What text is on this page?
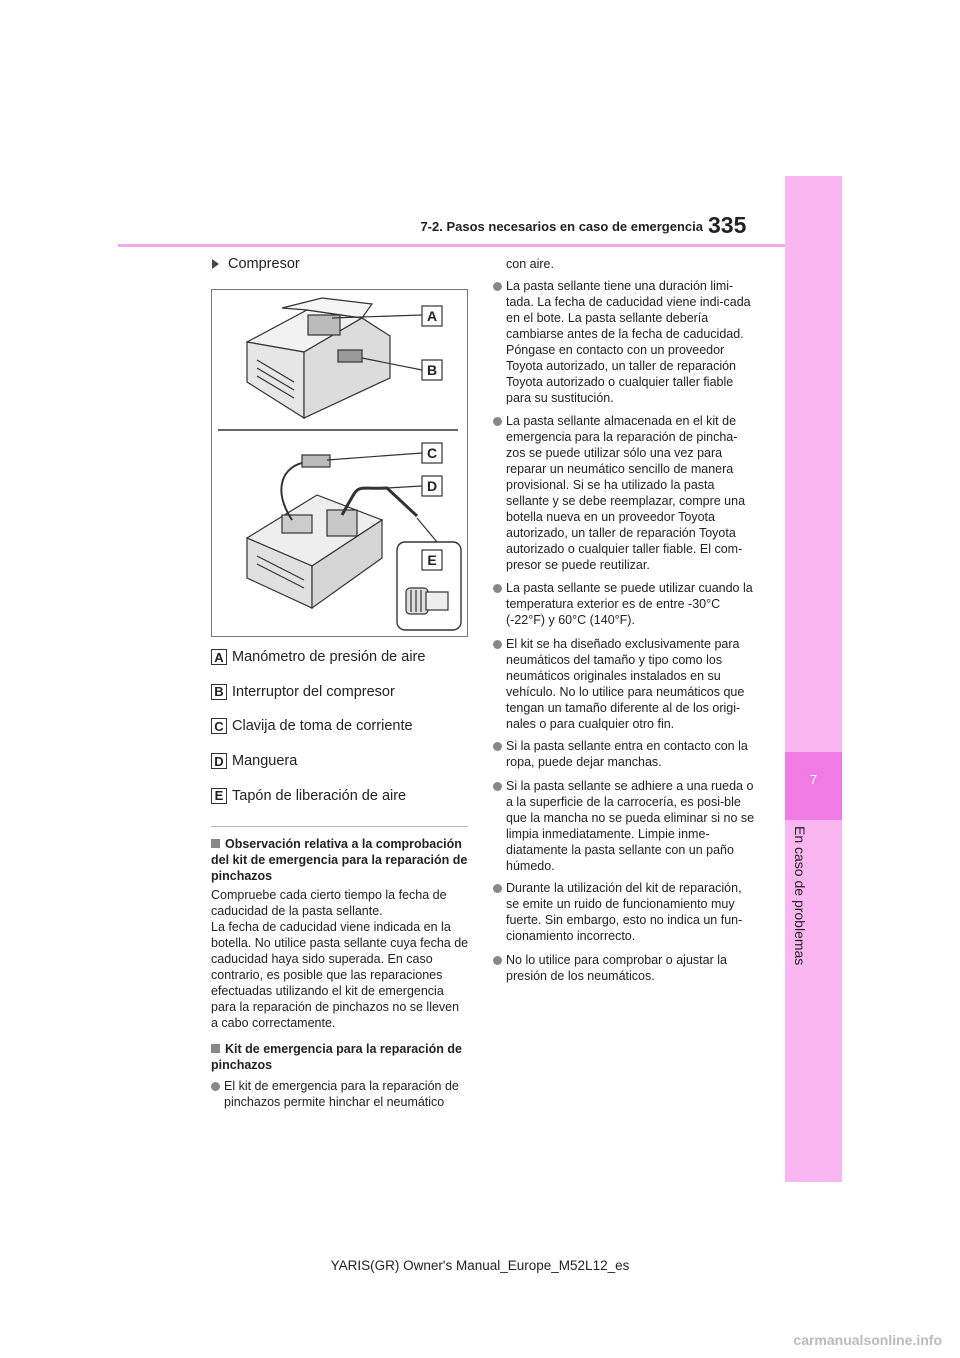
7
En caso de problemas
7-2. Pasos necesarios en caso de emergencia 335
Compresor
A
B
C
D
E
A Manómetro de presión de aire
B Interruptor del compresor
C Clavija de toma de corriente
D Manguera
E Tapón de liberación de aire
Observación relativa a la comprobación del kit de emergencia para la reparación de pinchazos
Compruebe cada cierto tiempo la fecha de caducidad de la pasta sellante.
La fecha de caducidad viene indicada en la botella. No utilice pasta sellante cuya fecha de caducidad haya sido superada. En caso contrario, es posible que las reparaciones efectuadas utilizando el kit de emergencia para la reparación de pinchazos no se lleven a cabo correctamente.
Kit de emergencia para la reparación de pinchazos
El kit de emergencia para la reparación de pinchazos permite hinchar el neumático
con aire.
La pasta sellante tiene una duración limi-tada. La fecha de caducidad viene indi-cada en el bote. La pasta sellante debería cambiarse antes de la fecha de caducidad. Póngase en contacto con un proveedor Toyota autorizado, un taller de reparación Toyota autorizado o cualquier taller fiable para su sustitución.
La pasta sellante almacenada en el kit de emergencia para la reparación de pincha-zos se puede utilizar sólo una vez para reparar un neumático sencillo de manera provisional. Si se ha utilizado la pasta sellante y se debe reemplazar, compre una botella nueva en un proveedor Toyota autorizado, un taller de reparación Toyota autorizado o cualquier taller fiable. El com-presor se puede reutilizar.
La pasta sellante se puede utilizar cuando la temperatura exterior es de entre -30°C (-22°F) y 60°C (140°F).
El kit se ha diseñado exclusivamente para neumáticos del tamaño y tipo como los neumáticos originales instalados en su vehículo. No lo utilice para neumáticos que tengan un tamaño diferente al de los origi-nales o para cualquier otro fin.
Si la pasta sellante entra en contacto con la ropa, puede dejar manchas.
Si la pasta sellante se adhiere a una rueda o a la superficie de la carrocería, es posi-ble que la mancha no se pueda eliminar si no se limpia inmediatamente. Limpie inme-diatamente la pasta sellante con un paño húmedo.
Durante la utilización del kit de reparación, se emite un ruido de funcionamiento muy fuerte. Sin embargo, esto no indica un fun-cionamiento incorrecto.
No lo utilice para comprobar o ajustar la presión de los neumáticos.
YARIS(GR) Owner's Manual_Europe_M52L12_es
carmanualsonline.info
